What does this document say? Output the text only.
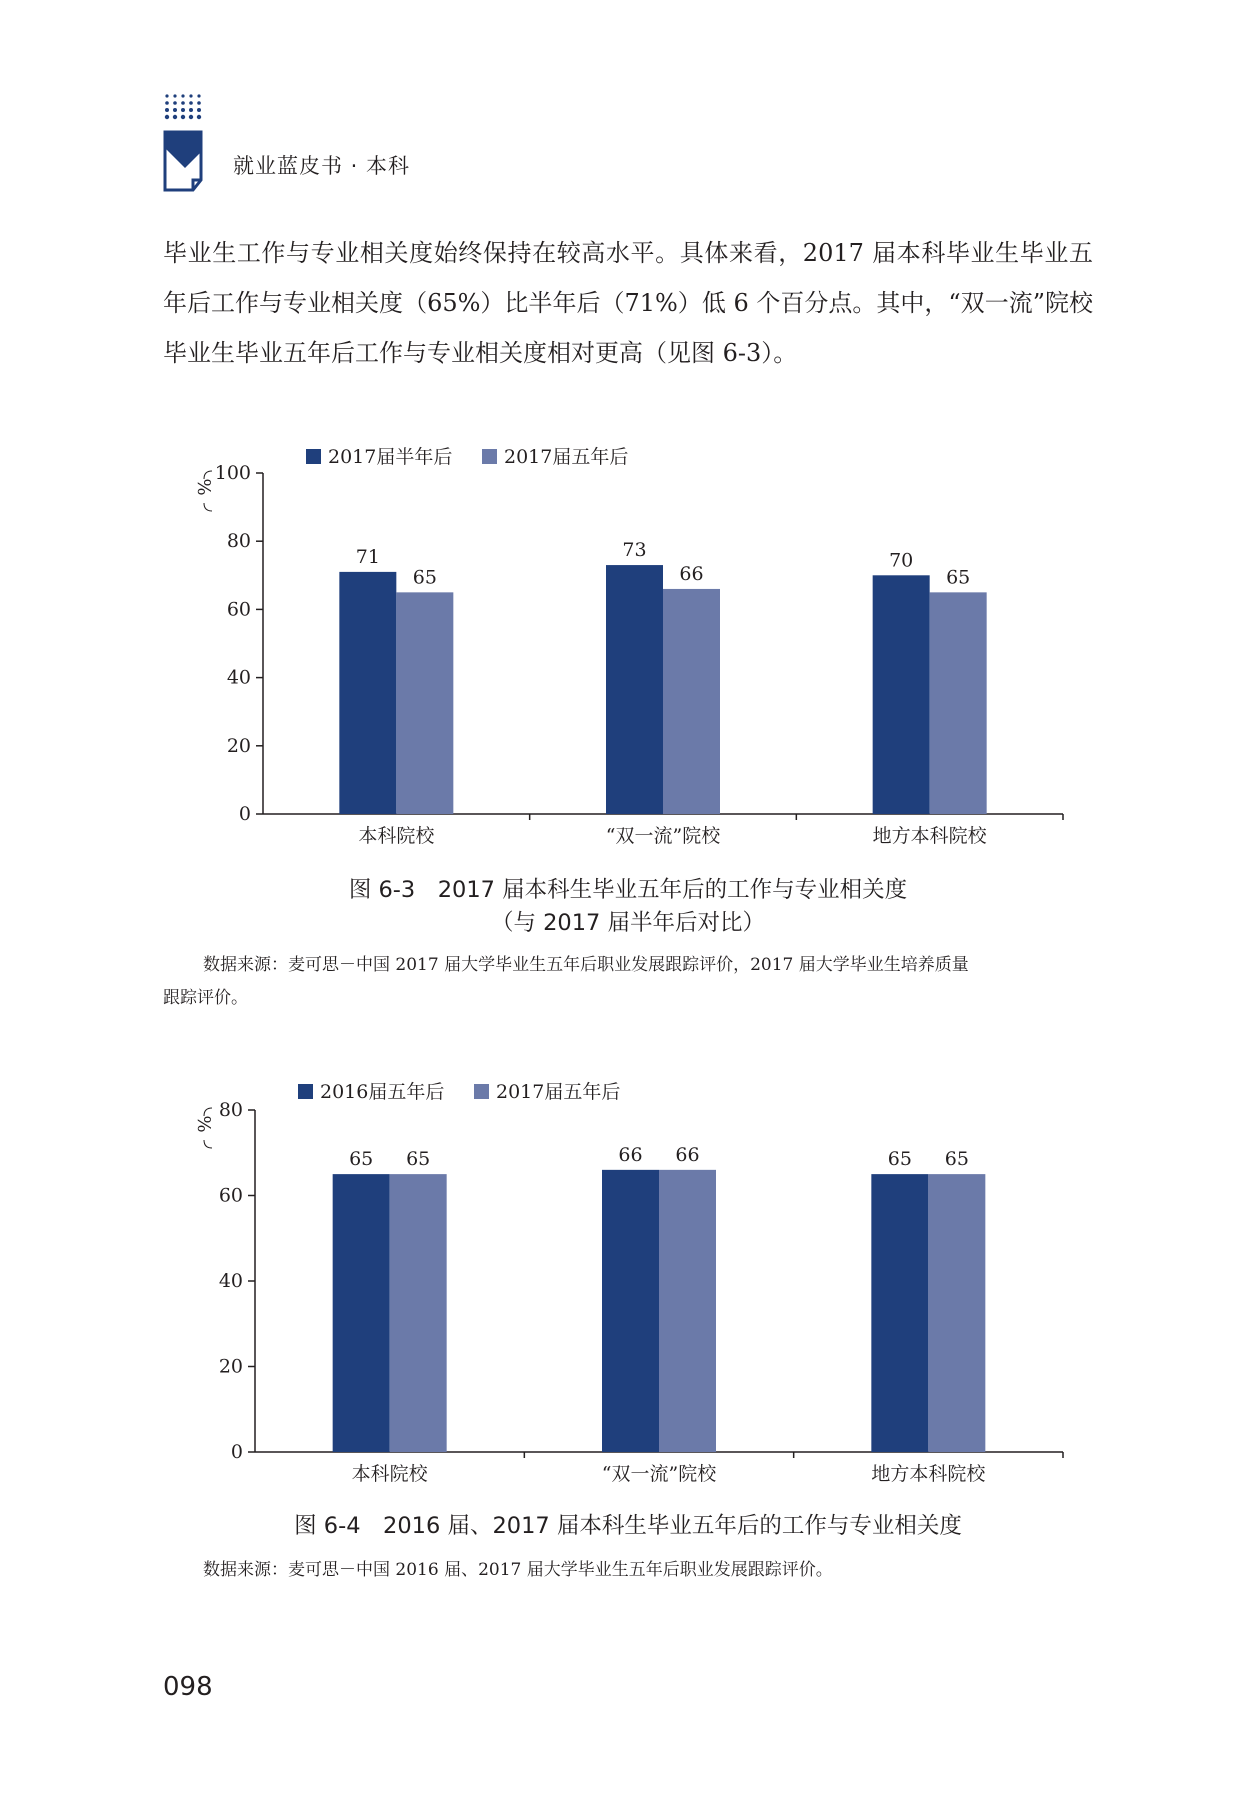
就业蓝皮书 · 本科

毕业生工作与专业相关度始终保持在较高水平。具体来看，2017 届本科毕业生毕业五年后工作与专业相关度（65%）比半年后（71%）低 6 个百分点。其中，“双一流”院校毕业生毕业五年后工作与专业相关度相对更高（见图 6-3）。

2017届半年后	2017届五年后
%
0
20
40
60
80
100
71
65
本科院校
73
66
“双一流”院校
70
65
地方本科院校
2016届五年后	2017届五年后
%
0
20
40
60
80
65 65
本科院校
66 66
“双一流”院校
65 65
地方本科院校
图 6-3　2017 届本科生毕业五年后的工作与专业相关度
（与 2017 届半年后对比）
数据来源：麦可思－中国 2017 届大学毕业生五年后职业发展跟踪评价，2017 届大学毕业生培养质量
跟踪评价。
图 6-4　2016 届、2017 届本科生毕业五年后的工作与专业相关度
数据来源：麦可思－中国 2016 届、2017 届大学毕业生五年后职业发展跟踪评价。
098
